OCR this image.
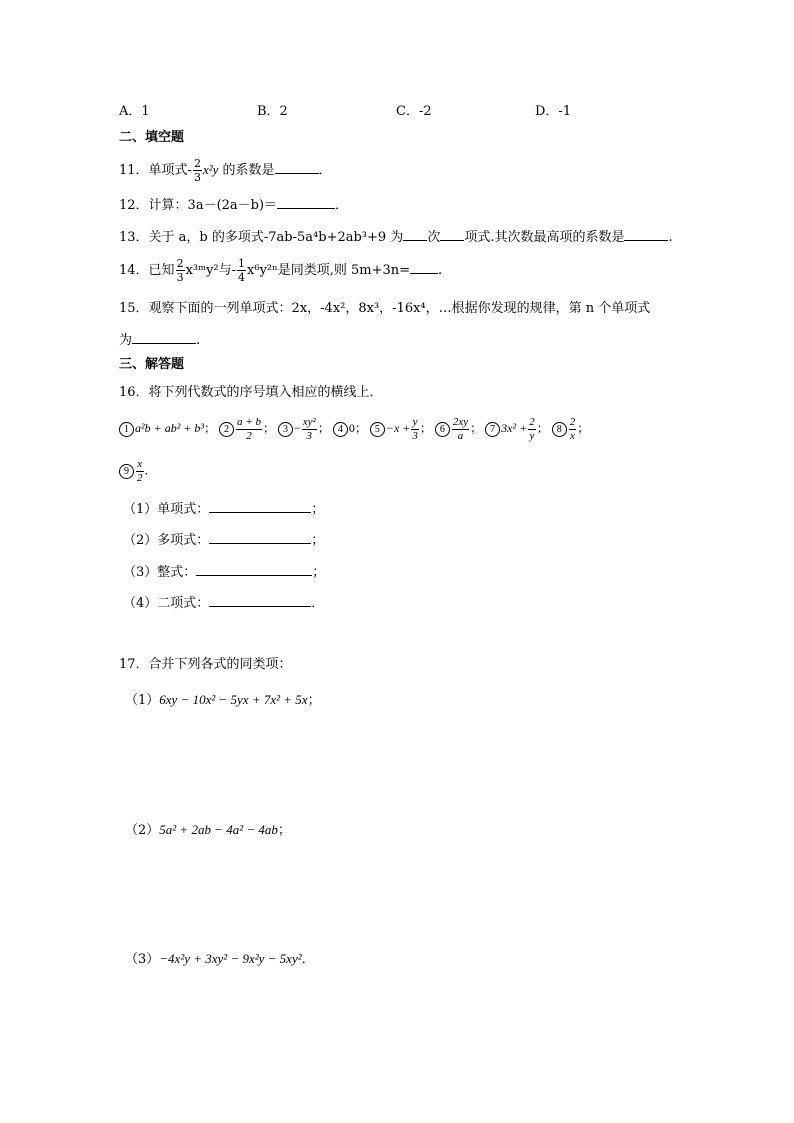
A．1	B．2	C．-2	D．-1
二、填空题
11．单项式- $\frac{2}{3} x^2y$ 的系数是	．
12．计算：3a－(2a－b)＝	．
13．关于 a，b 的多项式-7ab-5a⁴b+2ab³+9 为 次 项式.其次数最高项的系数是	.
14．已知 $\frac{2}{3}$ x³ᵐy²与- $\frac{1}{4} x^6y^{2n}$是同类项,则 5m+3n= .
15．观察下面的一列单项式：2x，-4x²，8x³，-16x⁴，…根据你发现的规律，第 n 个单项式
为	.
三、解答题
16．将下列代数式的序号填入相应的横线上．
1 a²b + ab² + b³； $2 \frac{a + b}{2}$ ； $3 - \frac{\text{xy²}}{3}$ ； 4 0； $5 -x + \frac{y}{3}$ ； $6 \frac{2xy}{a}$ ； 7 $3x^2 + \frac{2}{y}$ ； $8 \frac{2}{x}$ ；
$9 \frac{x}{2}$ ．
（1）单项式：	；
（2）多项式：	；
（3）整式：	；
（4）二项式：	．
17．合并下列各式的同类项：
（1）6xy − 10x² − 5yx + 7x² + 5x；
（2）5a² + 2ab − 4a² − 4ab；
（3）−4x²y + 3xy² − 9x²y − 5xy²．
